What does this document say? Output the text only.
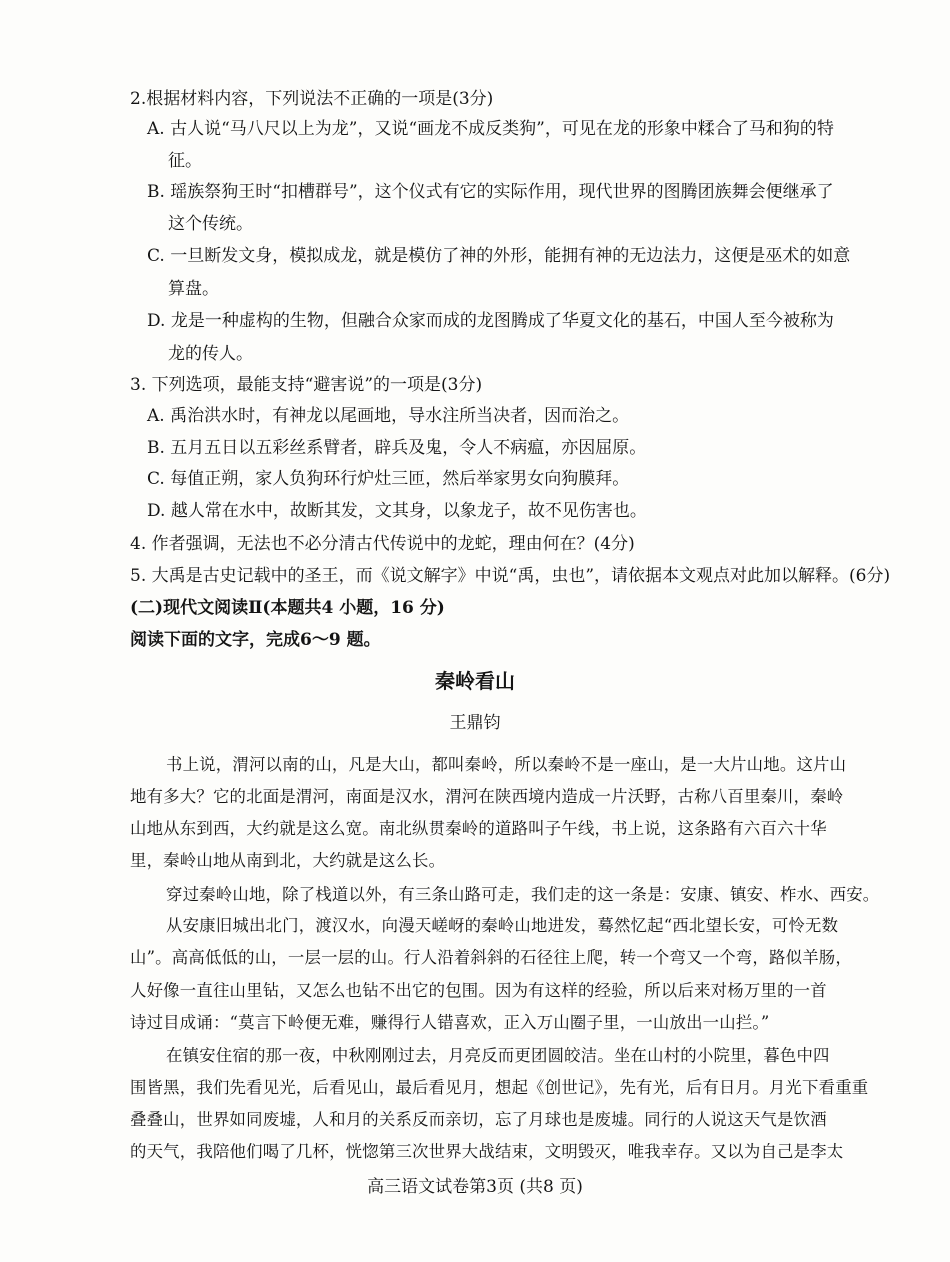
2.根据材料内容，下列说法不正确的一项是(3分)
A. 古人说“马八尺以上为龙”，又说“画龙不成反类狗”，可见在龙的形象中糅合了马和狗的特
征。
B. 瑶族祭狗王时“扣槽群号”，这个仪式有它的实际作用，现代世界的图腾团族舞会便继承了
这个传统。
C. 一旦断发文身，模拟成龙，就是模仿了神的外形，能拥有神的无边法力，这便是巫术的如意
算盘。
D. 龙是一种虚构的生物，但融合众家而成的龙图腾成了华夏文化的基石，中国人至今被称为
龙的传人。
3. 下列选项，最能支持“避害说”的一项是(3分)
A. 禹治洪水时，有神龙以尾画地，导水注所当决者，因而治之。
B. 五月五日以五彩丝系臂者，辟兵及鬼，令人不病瘟，亦因屈原。
C. 每值正朔，家人负狗环行炉灶三匝，然后举家男女向狗膜拜。
D. 越人常在水中，故断其发，文其身，以象龙子，故不见伤害也。
4. 作者强调，无法也不必分清古代传说中的龙蛇，理由何在？(4分)
5. 大禹是古史记载中的圣王，而《说文解字》中说“禹，虫也”，请依据本文观点对此加以解释。(6分)
(二)现代文阅读Ⅱ(本题共4 小题，16 分)
阅读下面的文字，完成6～9 题。
秦岭看山
王鼎钧
书上说，渭河以南的山，凡是大山，都叫秦岭，所以秦岭不是一座山，是一大片山地。这片山
地有多大？它的北面是渭河，南面是汉水，渭河在陕西境内造成一片沃野，古称八百里秦川，秦岭
山地从东到西，大约就是这么宽。南北纵贯秦岭的道路叫子午线，书上说，这条路有六百六十华
里，秦岭山地从南到北，大约就是这么长。
穿过秦岭山地，除了栈道以外，有三条山路可走，我们走的这一条是：安康、镇安、柞水、西安。
从安康旧城出北门，渡汉水，向漫天嵯岈的秦岭山地进发，蓦然忆起“西北望长安，可怜无数
山”。高高低低的山，一层一层的山。行人沿着斜斜的石径往上爬，转一个弯又一个弯，路似羊肠，
人好像一直往山里钻，又怎么也钻不出它的包围。因为有这样的经验，所以后来对杨万里的一首
诗过目成诵：“莫言下岭便无难，赚得行人错喜欢，正入万山圈子里，一山放出一山拦。”
在镇安住宿的那一夜，中秋刚刚过去，月亮反而更团圆皎洁。坐在山村的小院里，暮色中四
围皆黑，我们先看见光，后看见山，最后看见月，想起《创世记》，先有光，后有日月。月光下看重重
叠叠山，世界如同废墟，人和月的关系反而亲切，忘了月球也是废墟。同行的人说这天气是饮酒
的天气，我陪他们喝了几杯，恍惚第三次世界大战结束，文明毁灭，唯我幸存。又以为自己是李太
高三语文试卷第3页 (共8 页)
